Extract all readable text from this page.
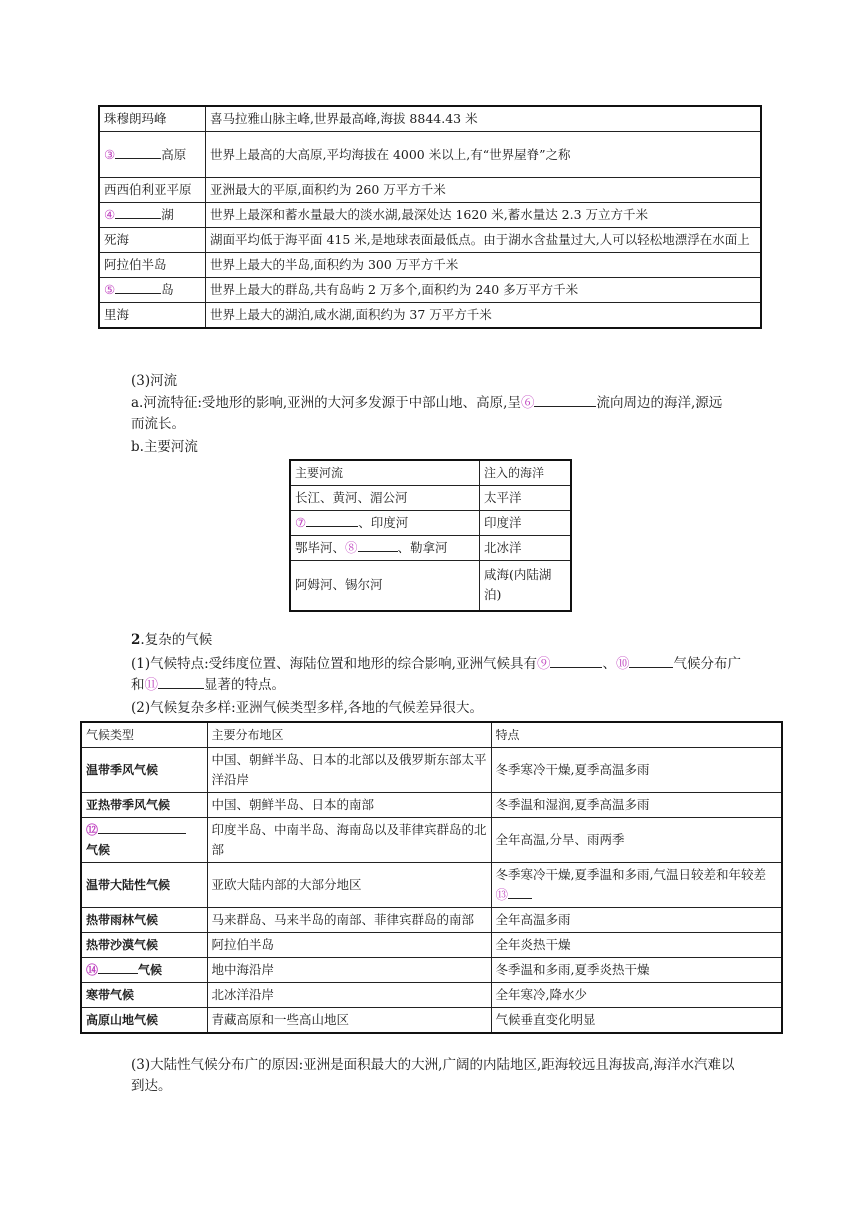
珠穆朗玛峰	喜马拉雅山脉主峰,世界最高峰,海拔 8844.43 米
③ 高原	世界上最高的大高原,平均海拔在 4000 米以上,有“世界屋脊”之称
西西伯利亚平原	亚洲最大的平原,面积约为 260 万平方千米
④ 湖	世界上最深和蓄水量最大的淡水湖,最深处达 1620 米,蓄水量达 2.3 万立方千米
死海	湖面平均低于海平面 415 米,是地球表面最低点。由于湖水含盐量过大,人可以轻松地漂浮在水面上
阿拉伯半岛	世界上最大的半岛,面积约为 300 万平方千米
⑤ 岛	世界上最大的群岛,共有岛屿 2 万多个,面积约为 240 多万平方千米
里海	世界上最大的湖泊,咸水湖,面积约为 37 万平方千米
(3)河流
a.河流特征:受地形的影响,亚洲的大河多发源于中部山地、高原,呈⑥	流向周边的海洋,源远而流长。
b.主要河流
主要河流	注入的海洋
长江、黄河、湄公河	太平洋
⑦ 、印度河	印度洋
鄂毕河、⑧ 、勒拿河	北冰洋
阿姆河、锡尔河	咸海(内陆湖泊)
2.复杂的气候
(1)气候特点:受纬度位置、海陆位置和地形的综合影响,亚洲气候具有⑨	、⑩	气候分布广和⑪	显著的特点。
(2)气候复杂多样:亚洲气候类型多样,各地的气候差异很大。
气候类型	主要分布地区	特点
温带季风气候	中国、朝鲜半岛、日本的北部以及俄罗斯东部太平洋沿岸	冬季寒冷干燥,夏季高温多雨
亚热带季风气候	中国、朝鲜半岛、日本的南部	冬季温和湿润,夏季高温多雨
⑫
气候	印度半岛、中南半岛、海南岛以及菲律宾群岛的北部	全年高温,分旱、雨两季
温带大陆性气候	亚欧大陆内部的大部分地区	冬季寒冷干燥,夏季温和多雨,气温日较差和年较差⑬
热带雨林气候	马来群岛、马来半岛的南部、菲律宾群岛的南部	全年高温多雨
热带沙漠气候	阿拉伯半岛	全年炎热干燥
⑭ 气候	地中海沿岸	冬季温和多雨,夏季炎热干燥
寒带气候	北冰洋沿岸	全年寒冷,降水少
高原山地气候	青藏高原和一些高山地区	气候垂直变化明显
(3)大陆性气候分布广的原因:亚洲是面积最大的大洲,广阔的内陆地区,距海较远且海拔高,海洋水汽难以到达。
